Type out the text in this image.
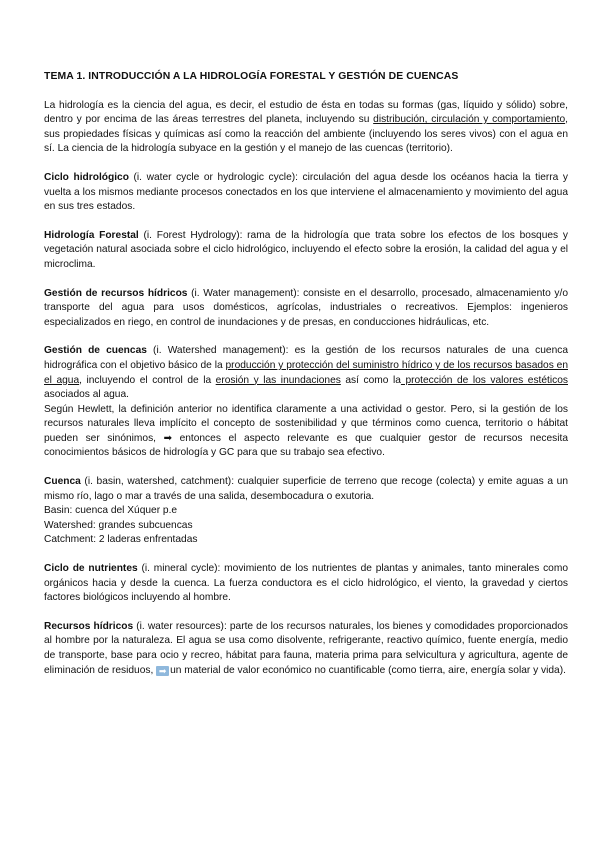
TEMA 1. INTRODUCCIÓN A LA HIDROLOGÍA FORESTAL Y GESTIÓN DE CUENCAS

La hidrología es la ciencia del agua, es decir, el estudio de ésta en todas su formas (gas, líquido y sólido) sobre, dentro y por encima de las áreas terrestres del planeta, incluyendo su distribución, circulación y comportamiento, sus propiedades físicas y químicas así como la reacción del ambiente (incluyendo los seres vivos) con el agua en sí. La ciencia de la hidrología subyace en la gestión y el manejo de las cuencas (territorio).

Ciclo hidrológico (i. water cycle or hydrologic cycle): circulación del agua desde los océanos hacia la tierra y vuelta a los mismos mediante procesos conectados en los que interviene el almacenamiento y movimiento del agua en sus tres estados.

Hidrología Forestal (i. Forest Hydrology): rama de la hidrología que trata sobre los efectos de los bosques y vegetación natural asociada sobre el ciclo hidrológico, incluyendo el efecto sobre la erosión, la calidad del agua y el microclima.

Gestión de recursos hídricos (i. Water management): consiste en el desarrollo, procesado, almacenamiento y/o transporte del agua para usos domésticos, agrícolas, industriales o recreativos. Ejemplos: ingenieros especializados en riego, en control de inundaciones y de presas, en conducciones hidráulicas, etc.

Gestión de cuencas (i. Watershed management): es la gestión de los recursos naturales de una cuenca hidrográfica con el objetivo básico de la producción y protección del suministro hídrico y de los recursos basados en el agua, incluyendo el control de la erosión y las inundaciones así como la protección de los valores estéticos asociados al agua.

Según Hewlett, la definición anterior no identifica claramente a una actividad o gestor. Pero, si la gestión de los recursos naturales lleva implícito el concepto de sostenibilidad y que términos como cuenca, territorio o hábitat pueden ser sinónimos, ➡ entonces el aspecto relevante es que cualquier gestor de recursos necesita conocimientos básicos de hidrología y GC para que su trabajo sea efectivo.

Cuenca (i. basin, watershed, catchment): cualquier superficie de terreno que recoge (colecta) y emite aguas a un mismo río, lago o mar a través de una salida, desembocadura o exutoria.

Basin: cuenca del Xúquer p.e

Watershed: grandes subcuencas

Catchment: 2 laderas enfrentadas

Ciclo de nutrientes (i. mineral cycle): movimiento de los nutrientes de plantas y animales, tanto minerales como orgánicos hacia y desde la cuenca. La fuerza conductora es el ciclo hidrológico, el viento, la gravedad y ciertos factores biológicos incluyendo al hombre.

Recursos hídricos (i. water resources): parte de los recursos naturales, los bienes y comodidades proporcionados al hombre por la naturaleza. El agua se usa como disolvente, refrigerante, reactivo químico, fuente energía, medio de transporte, base para ocio y recreo, hábitat para fauna, materia prima para selvicultura y agricultura, agente de eliminación de residuos, ➡ un material de valor económico no cuantificable (como tierra, aire, energía solar y vida).
